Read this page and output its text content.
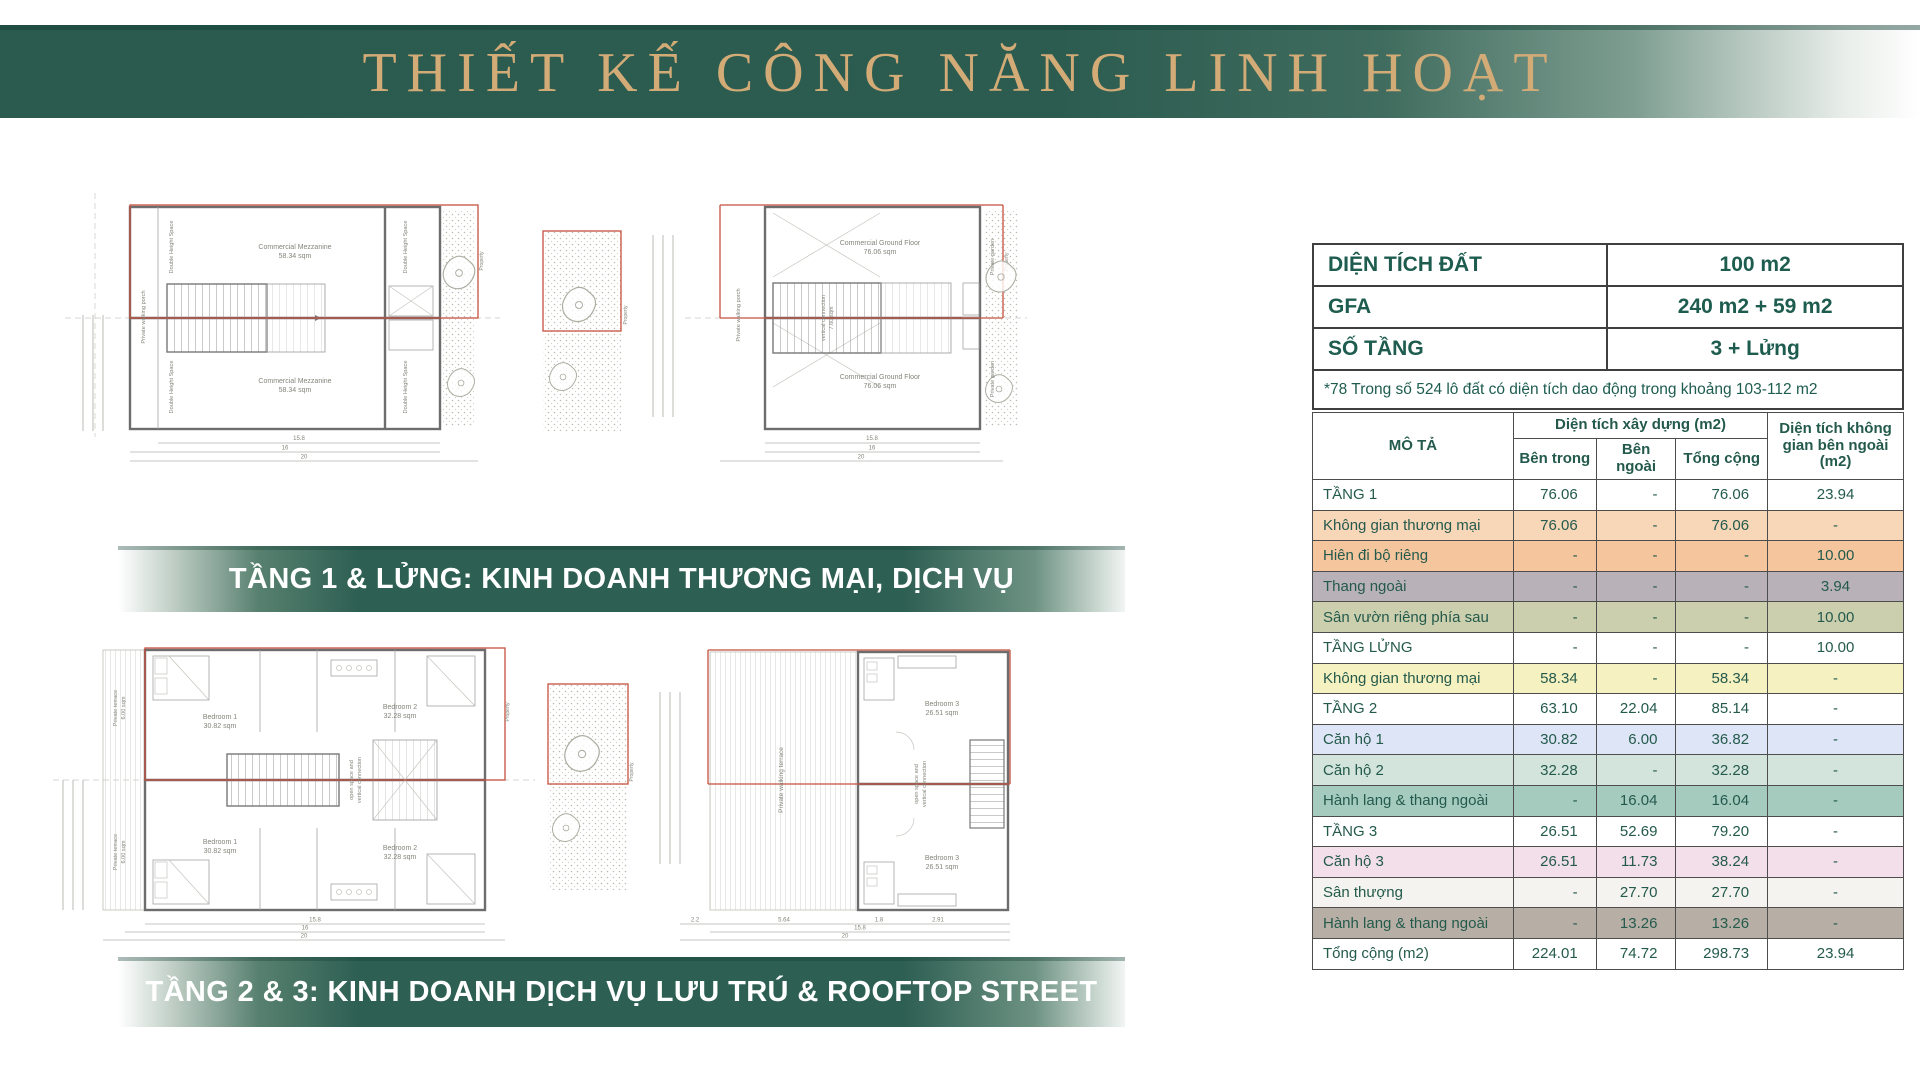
THIẾT KẾ CÔNG NĂNG LINH HOẠT
Property
Commercial Mezzanine
58.34 sqm
Commercial Mezzanine
58.34 sqm
Double Height Space
Double Height Space
Double Height Space
Double Height Space
Private walking porch
15.8
16
20
Property
Commercial Ground Floor
76.06 sqm
Commercial Ground Floor
76.06 sqm
Private walking porch	vertical connection 7.60 sqm
Private garden
Private garden
15.8
16
20
TẦNG 1 & LỬNG: KINH DOANH THƯƠNG MẠI, DỊCH VỤ
Property
Bedroom 1
30.82 sqm
Bedroom 1
30.82 sqm
Bedroom 2
32.28 sqm
Bedroom 2
32.28 sqm
Private terrace 6.00 sqm
Private terrace 6.00 sqm
open space and vertical connection
15.8
16
20
Property	Private walking terrace
Bedroom 3
26.51 sqm
Bedroom 3
26.51 sqm
open space and vertical connection
2.2	5.64	1.8	2.91
15.8
20
TẦNG 2 & 3: KINH DOANH DỊCH VỤ LƯU TRÚ & ROOFTOP STREET
DIỆN TÍCH ĐẤT	100 m2
GFA	240 m2 + 59 m2
SỐ TẦNG	3 + Lửng
*78 Trong số 524 lô đất có diện tích dao động trong khoảng 103-112 m2	
MÔ TẢ	Diện tích xây dựng (m2)			Diện tích không gian bên ngoài (m2)
	Bên trong	Bên ngoài	Tổng cộng	
TẦNG 1	76.06	-	76.06	23.94
Không gian thương mại	76.06	-	76.06	-
Hiên đi bộ riêng	-	-	-	10.00
Thang ngoài	-	-	-	3.94
Sân vườn riêng phía sau	-	-	-	10.00
TẦNG LỬNG	-	-	-	10.00
Không gian thương mại	58.34	-	58.34	-
TẦNG 2	63.10	22.04	85.14	-
Căn hộ 1	30.82	6.00	36.82	-
Căn hộ 2	32.28	-	32.28	-
Hành lang & thang ngoài	-	16.04	16.04	-
TẦNG 3	26.51	52.69	79.20	-
Căn hộ 3	26.51	11.73	38.24	-
Sân thượng	-	27.70	27.70	-
Hành lang & thang ngoài	-	13.26	13.26	-
Tổng cộng (m2)	224.01	74.72	298.73	23.94
